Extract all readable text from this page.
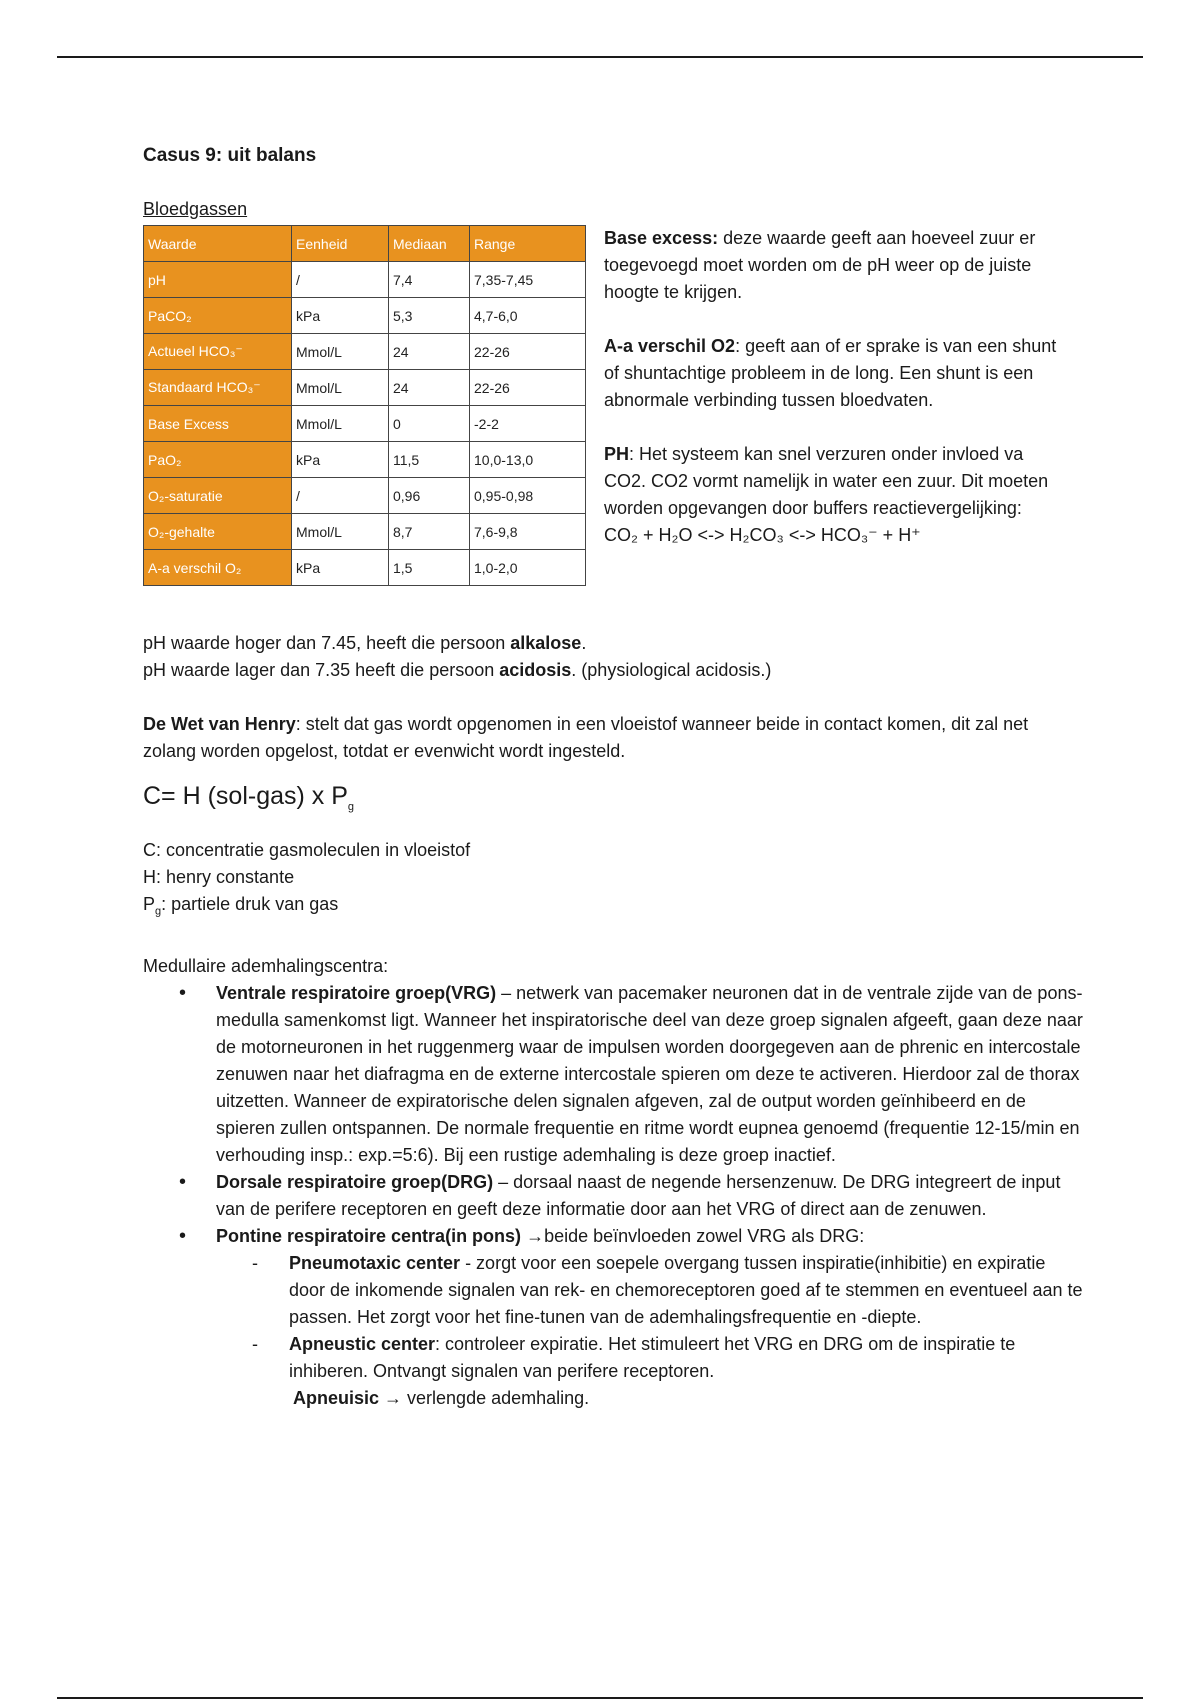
Casus 9: uit balans

Bloedgassen

Waarde	Eenheid	Mediaan	Range
pH	/	7,4	7,35-7,45
PaCO₂	kPa	5,3	4,7-6,0
Actueel HCO₃⁻	Mmol/L	24	22-26
Standaard HCO₃⁻	Mmol/L	24	22-26
Base Excess	Mmol/L	0	-2-2
PaO₂	kPa	11,5	10,0-13,0
O₂-saturatie	/	0,96	0,95-0,98
O₂-gehalte	Mmol/L	8,7	7,6-9,8
A-a verschil O₂	kPa	1,5	1,0-2,0

Base excess: deze waarde geeft aan hoeveel zuur er toegevoegd moet worden om de pH weer op de juiste hoogte te krijgen.

A-a verschil O2: geeft aan of er sprake is van een shunt of shuntachtige probleem in de long. Een shunt is een abnormale verbinding tussen bloedvaten.

PH: Het systeem kan snel verzuren onder invloed va CO2. CO2 vormt namelijk in water een zuur. Dit moeten worden opgevangen door buffers reactievergelijking:
CO₂ + H₂O <-> H₂CO₃ <-> HCO₃⁻ + H⁺

pH waarde hoger dan 7.45, heeft die persoon alkalose.

pH waarde lager dan 7.35 heeft die persoon acidosis. (physiological acidosis.)

De Wet van Henry: stelt dat gas wordt opgenomen in een vloeistof wanneer beide in contact komen, dit zal net zolang worden opgelost, totdat er evenwicht wordt ingesteld.

C= H (sol-gas) x $P_g$

C: concentratie gasmoleculen in vloeistof

H: henry constante

$P_g$: partiele druk van gas

Medullaire ademhalingscentra:

• Ventrale respiratoire groep(VRG) – netwerk van pacemaker neuronen dat in de ventrale zijde van de pons-medulla samenkomst ligt. Wanneer het inspiratorische deel van deze groep signalen afgeeft, gaan deze naar de motorneuronen in het ruggenmerg waar de impulsen worden doorgegeven aan de phrenic en intercostale zenuwen naar het diafragma en de externe intercostale spieren om deze te activeren. Hierdoor zal de thorax uitzetten. Wanneer de expiratorische delen signalen afgeven, zal de output worden geïnhibeerd en de spieren zullen ontspannen. De normale frequentie en ritme wordt eupnea genoemd (frequentie 12-15/min en verhouding insp.: exp.=5:6). Bij een rustige ademhaling is deze groep inactief.
• Dorsale respiratoire groep(DRG) – dorsaal naast de negende hersenzenuw. De DRG integreert de input van de perifere receptoren en geeft deze informatie door aan het VRG of direct aan de zenuwen.
• Pontine respiratoire centra(in pons) →beide beïnvloeden zowel VRG als DRG:
- Pneumotaxic center - zorgt voor een soepele overgang tussen inspiratie(inhibitie) en expiratie door de inkomende signalen van rek- en chemoreceptoren goed af te stemmen en eventueel aan te passen. Het zorgt voor het fine-tunen van de ademhalingsfrequentie en -diepte.
- Apneustic center: controleer expiratie. Het stimuleert het VRG en DRG om de inspiratie te inhiberen. Ontvangt signalen van perifere receptoren.
Apneuisic → verlengde ademhaling.
